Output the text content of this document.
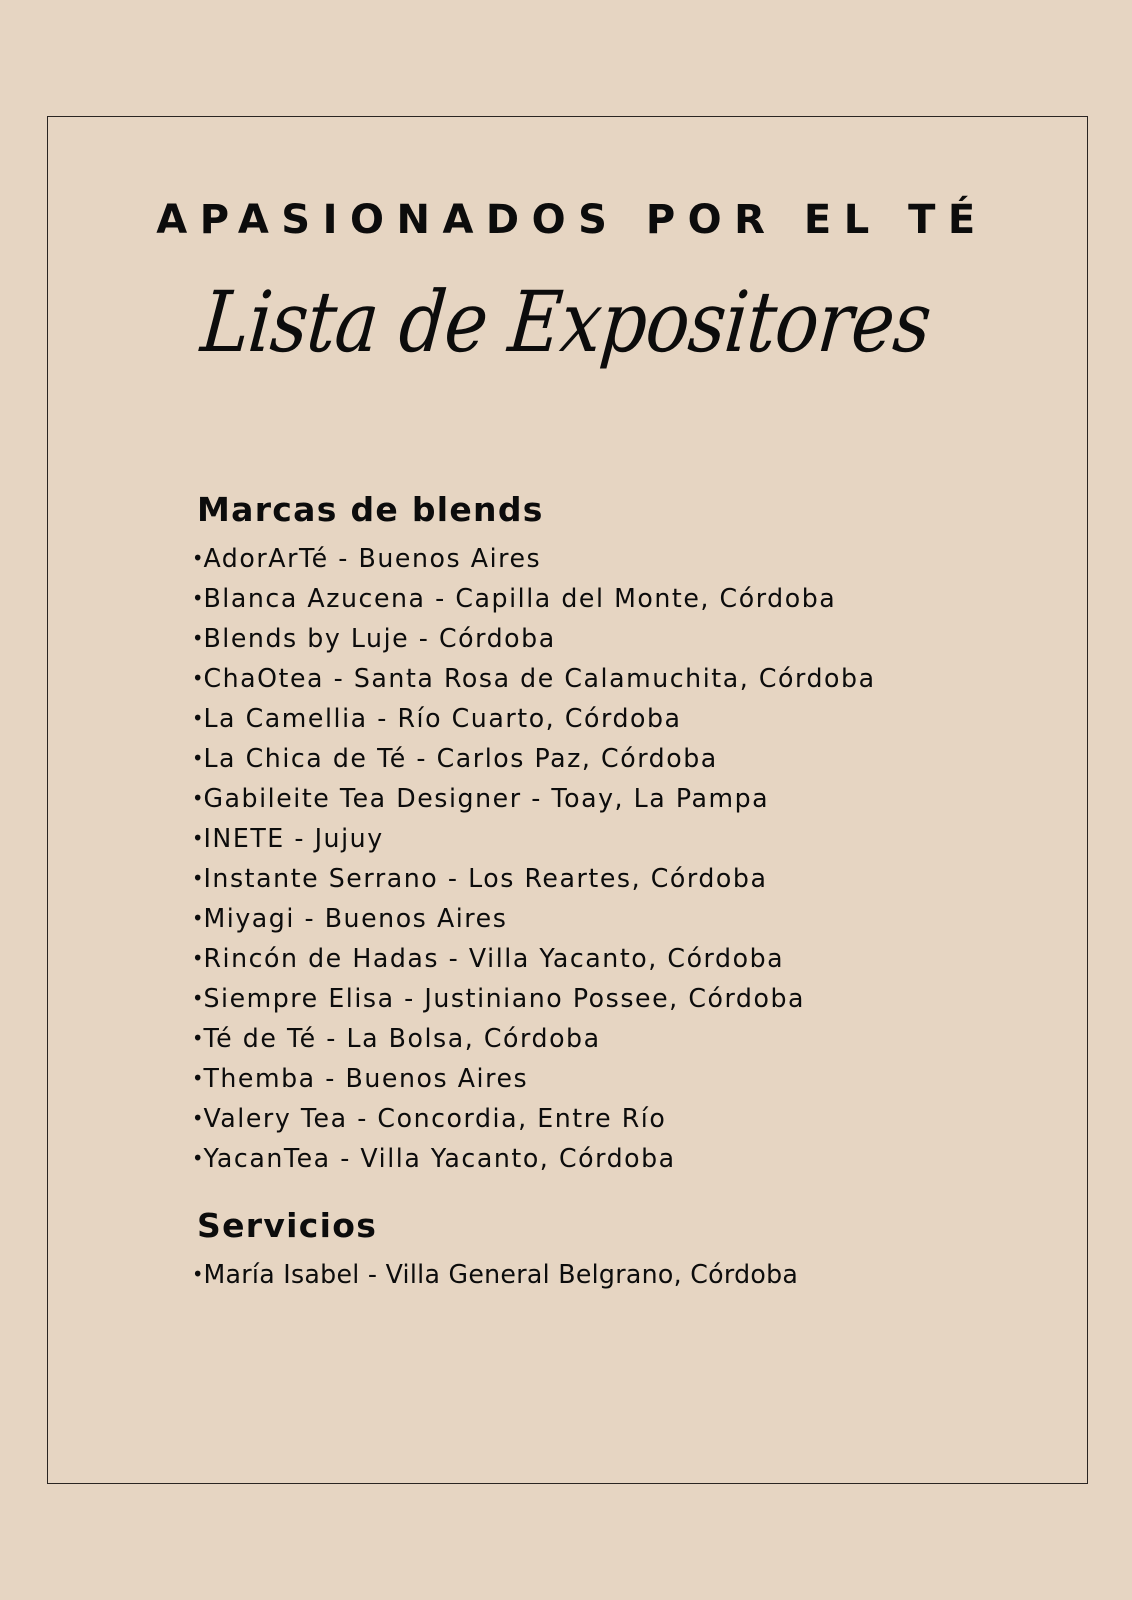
APASIONADOS POR EL TÉ
Lista de Expositores
Marcas de blends
•AdorArTé - Buenos Aires
•Blanca Azucena - Capilla del Monte, Córdoba
•Blends by Luje - Córdoba
•ChaOtea - Santa Rosa de Calamuchita, Córdoba
•La Camellia - Río Cuarto, Córdoba
•La Chica de Té - Carlos Paz, Córdoba
•Gabileite Tea Designer - Toay, La Pampa
•INETE - Jujuy
•Instante Serrano - Los Reartes, Córdoba
•Miyagi - Buenos Aires
•Rincón de Hadas - Villa Yacanto, Córdoba
•Siempre Elisa - Justiniano Possee, Córdoba
•Té de Té - La Bolsa, Córdoba
•Themba - Buenos Aires
•Valery Tea - Concordia, Entre Río
•YacanTea - Villa Yacanto, Córdoba
Servicios
•María Isabel - Villa General Belgrano, Córdoba
